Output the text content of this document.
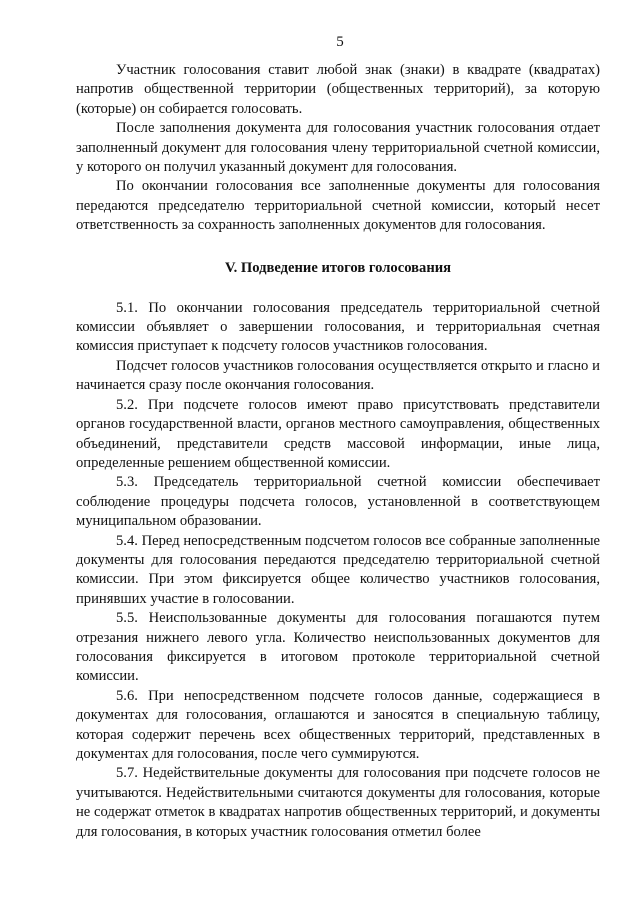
5

Участник голосования ставит любой знак (знаки) в квадрате (квадратах) напротив общественной территории (общественных территорий), за которую (которые) он собирается голосовать.

После заполнения документа для голосования участник голосования отдает заполненный документ для голосования члену территориальной счетной комиссии, у которого он получил указанный документ для голосования.

По окончании голосования все заполненные документы для голосования передаются председателю территориальной счетной комиссии, который несет ответственность за сохранность заполненных документов для голосования.

V. Подведение итогов голосования

5.1. По окончании голосования председатель территориальной счетной комиссии объявляет о завершении голосования, и территориальная счетная комиссия приступает к подсчету голосов участников голосования.

Подсчет голосов участников голосования осуществляется открыто и гласно и начинается сразу после окончания голосования.

5.2. При подсчете голосов имеют право присутствовать представители органов государственной власти, органов местного самоуправления, общественных объединений, представители средств массовой информации, иные лица, определенные решением общественной комиссии.

5.3. Председатель территориальной счетной комиссии обеспечивает соблюдение процедуры подсчета голосов, установленной в соответствующем муниципальном образовании.

5.4. Перед непосредственным подсчетом голосов все собранные заполненные документы для голосования передаются председателю территориальной счетной комиссии. При этом фиксируется общее количество участников голосования, принявших участие в голосовании.

5.5. Неиспользованные документы для голосования погашаются путем отрезания нижнего левого угла. Количество неиспользованных документов для голосования фиксируется в итоговом протоколе территориальной счетной комиссии.

5.6. При непосредственном подсчете голосов данные, содержащиеся в документах для голосования, оглашаются и заносятся в специальную таблицу, которая содержит перечень всех общественных территорий, представленных в документах для голосования, после чего суммируются.

5.7. Недействительные документы для голосования при подсчете голосов не учитываются. Недействительными считаются документы для голосования, которые не содержат отметок в квадратах напротив общественных территорий, и документы для голосования, в которых участник голосования отметил более
